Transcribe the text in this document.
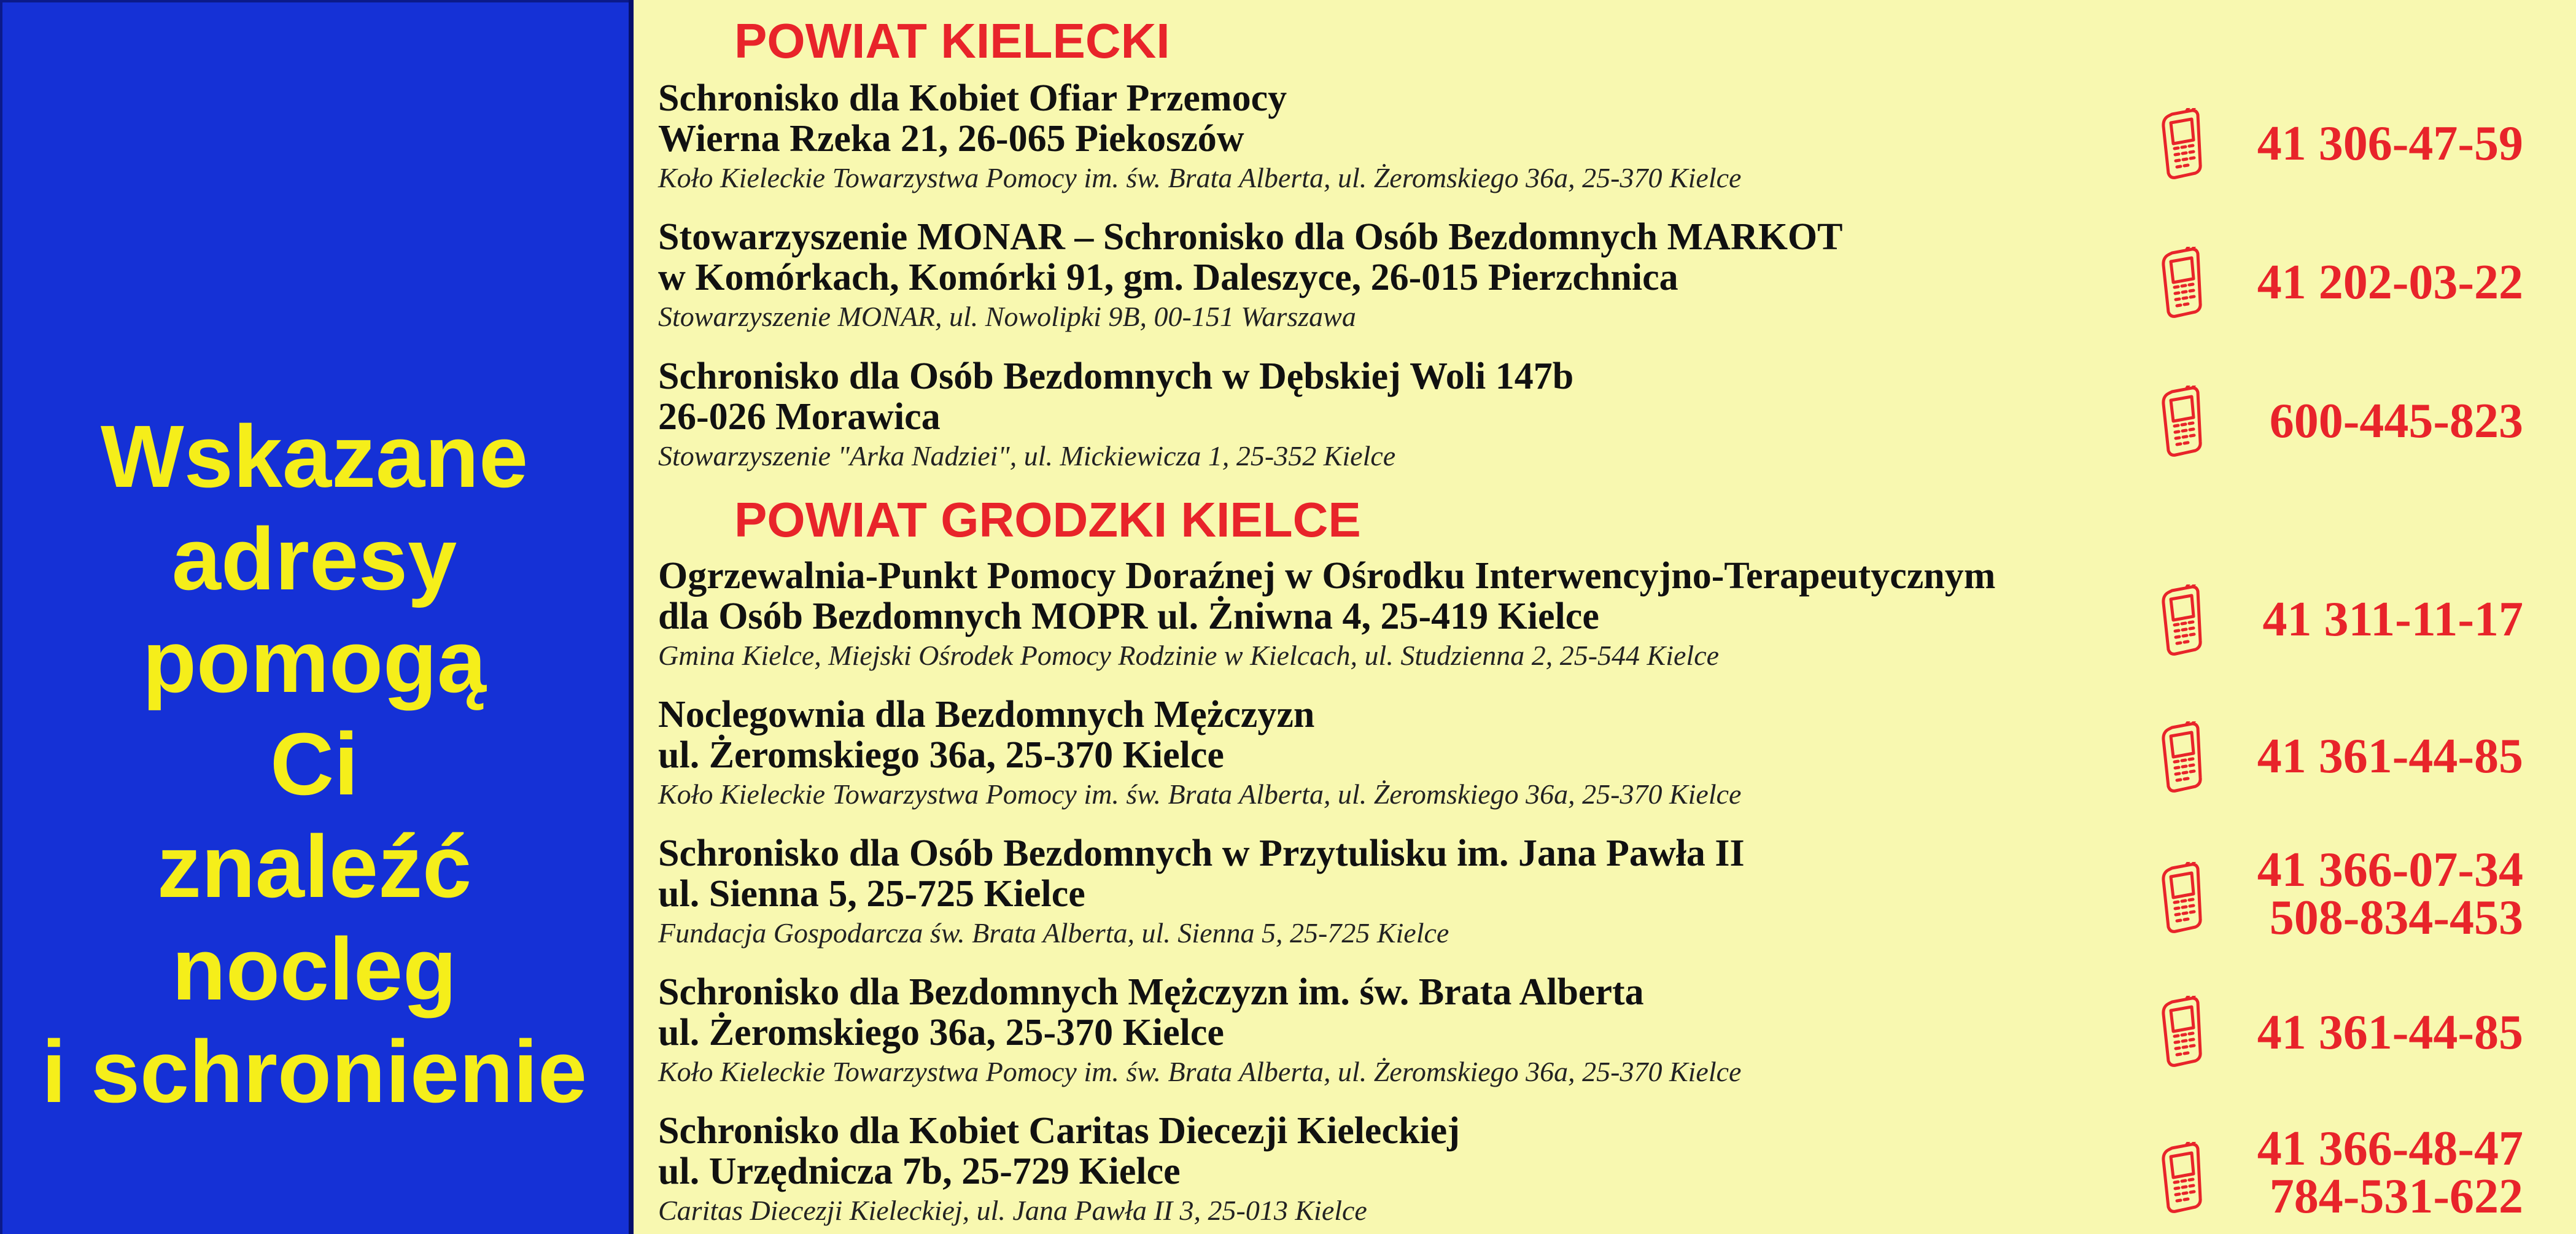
Wskazane
adresy
pomogą
Ci
znaleźć
nocleg
i schronienie
POWIAT KIELECKI
Schronisko dla Kobiet Ofiar Przemocy
Wierna Rzeka 21, 26-065 Piekoszów
Koło Kieleckie Towarzystwa Pomocy im. św. Brata Alberta, ul. Żeromskiego 36a, 25-370 Kielce
41 306-47-59
Stowarzyszenie MONAR – Schronisko dla Osób Bezdomnych MARKOT
w Komórkach, Komórki 91, gm. Daleszyce, 26-015 Pierzchnica
Stowarzyszenie MONAR, ul. Nowolipki 9B, 00-151 Warszawa
41 202-03-22
Schronisko dla Osób Bezdomnych w Dębskiej Woli 147b
26-026 Morawica
Stowarzyszenie "Arka Nadziei", ul. Mickiewicza 1, 25-352 Kielce
600-445-823
POWIAT GRODZKI KIELCE
Ogrzewalnia-Punkt Pomocy Doraźnej w Ośrodku Interwencyjno-Terapeutycznym
dla Osób Bezdomnych MOPR ul. Żniwna 4, 25-419 Kielce
Gmina Kielce, Miejski Ośrodek Pomocy Rodzinie w Kielcach, ul. Studzienna 2, 25-544 Kielce
41 311-11-17
Noclegownia dla Bezdomnych Mężczyzn
ul. Żeromskiego 36a, 25-370 Kielce
Koło Kieleckie Towarzystwa Pomocy im. św. Brata Alberta, ul. Żeromskiego 36a, 25-370 Kielce
41 361-44-85
Schronisko dla Osób Bezdomnych w Przytulisku im. Jana Pawła II
ul. Sienna 5, 25-725 Kielce
Fundacja Gospodarcza św. Brata Alberta, ul. Sienna 5, 25-725 Kielce
41 366-07-34
508-834-453
Schronisko dla Bezdomnych Mężczyzn im. św. Brata Alberta
ul. Żeromskiego 36a, 25-370 Kielce
Koło Kieleckie Towarzystwa Pomocy im. św. Brata Alberta, ul. Żeromskiego 36a, 25-370 Kielce
41 361-44-85
Schronisko dla Kobiet Caritas Diecezji Kieleckiej
ul. Urzędnicza 7b, 25-729 Kielce
Caritas Diecezji Kieleckiej, ul. Jana Pawła II 3, 25-013 Kielce
41 366-48-47
784-531-622
